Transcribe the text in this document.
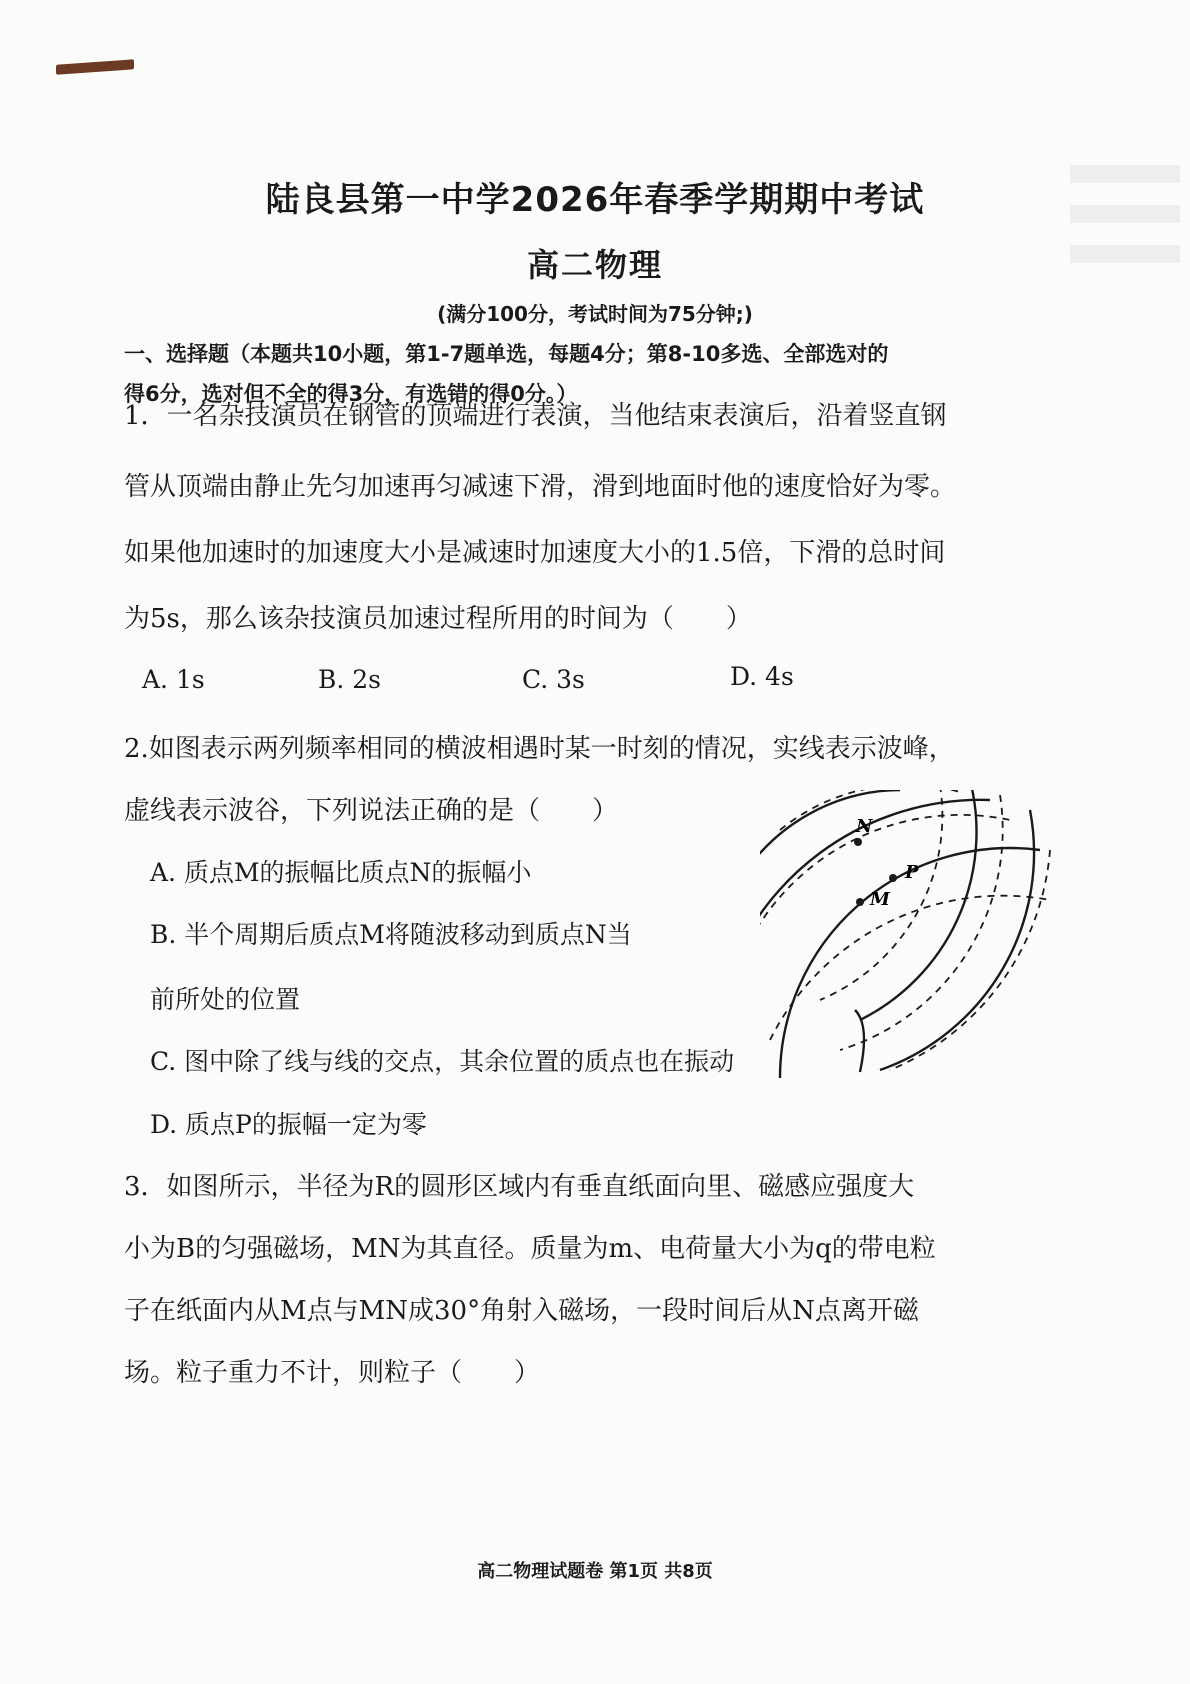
陆良县第一中学2026年春季学期期中考试
高二物理
(满分100分，考试时间为75分钟;)
一、选择题（本题共10小题，第1-7题单选，每题4分；第8-10多选、全部选对的
得6分，选对但不全的得3分，有选错的得0分。）
1．一名杂技演员在钢管的顶端进行表演，当他结束表演后，沿着竖直钢
管从顶端由静止先匀加速再匀减速下滑，滑到地面时他的速度恰好为零。
如果他加速时的加速度大小是减速时加速度大小的1.5倍，下滑的总时间
为5s，那么该杂技演员加速过程所用的时间为（　　）
A. 1s	B. 2s	C. 3s	D. 4s
2.如图表示两列频率相同的横波相遇时某一时刻的情况，实线表示波峰，
虚线表示波谷，下列说法正确的是（　　）
A. 质点M的振幅比质点N的振幅小
B. 半个周期后质点M将随波移动到质点N当
前所处的位置
C. 图中除了线与线的交点，其余位置的质点也在振动
D. 质点P的振幅一定为零
N
P
M
3．如图所示，半径为R的圆形区域内有垂直纸面向里、磁感应强度大
小为B的匀强磁场，MN为其直径。质量为m、电荷量大小为q的带电粒
子在纸面内从M点与MN成30°角射入磁场，一段时间后从N点离开磁
场。粒子重力不计，则粒子（　　）
高二物理试题卷 第1页 共8页
